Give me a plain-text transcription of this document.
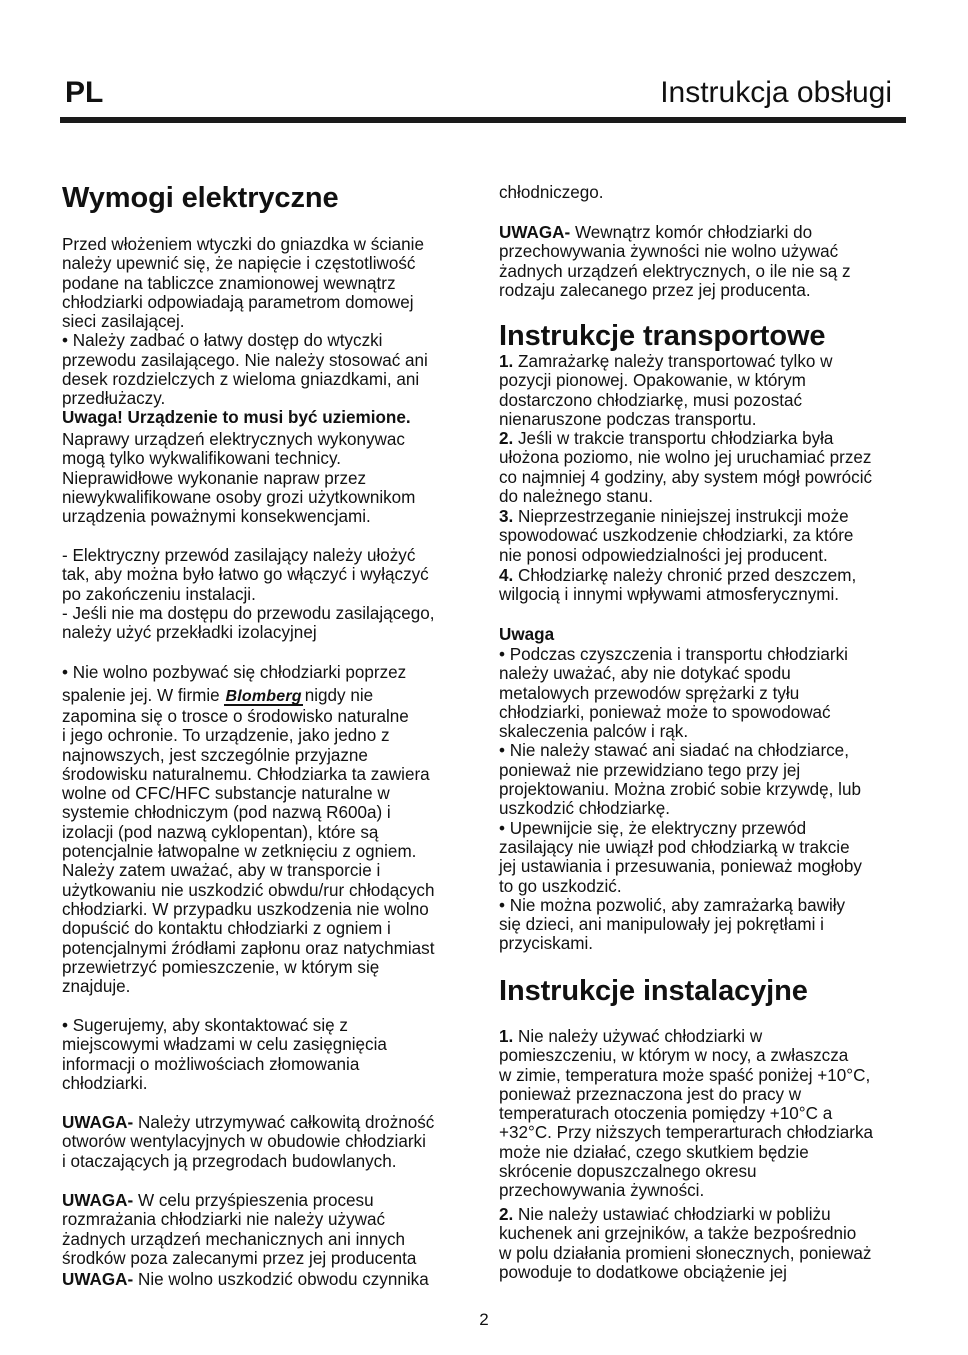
PL	Instrukcja obsługi
Wymogi elektryczne

Przed włożeniem wtyczki do gniazdka w ścianie
należy upewnić się, że napięcie i częstotliwość
podane na tabliczce znamionowej wewnątrz
chłodziarki odpowiadają parametrom domowej
sieci zasilającej.
• Należy zadbać o łatwy dostęp do wtyczki
przewodu zasilającego. Nie należy stosować ani
desek rozdzielczych z wieloma gniazdkami, ani
przedłużaczy.

Uwaga! Urządzenie to musi być uziemione.

Naprawy urządzeń elektrycznych wykonywac
mogą tylko wykwalifikowani technicy.
Nieprawidłowe wykonanie napraw przez
niewykwalifikowane osoby grozi użytkownikom
urządzenia poważnymi konsekwencjami.

- Elektryczny przewód zasilający należy ułożyć
tak, aby można było łatwo go włączyć i wyłączyć
po zakończeniu instalacji.
- Jeśli nie ma dostępu do przewodu zasilającego,
należy użyć przekładki izolacyjnej

• Nie wolno pozbywać się chłodziarki poprzez

spalenie jej. W firmie Blomberg nigdy nie

zapomina się o trosce o środowisko naturalne
i jego ochronie. To urządzenie, jako jedno z
najnowszych, jest szczególnie przyjazne
środowisku naturalnemu. Chłodziarka ta zawiera
wolne od CFC/HFC substancje naturalne w
systemie chłodniczym (pod nazwą R600a) i
izolacji (pod nazwą cyklopentan), które są
potencjalnie łatwopalne w zetknięciu z ogniem.
Należy zatem uważać, aby w transporcie i
użytkowaniu nie uszkodzić obwdu/rur chłodących
chłodziarki. W przypadku uszkodzenia nie wolno
dopuścić do kontaktu chłodziarki z ogniem i
potencjalnymi źródłami zapłonu oraz natychmiast
przewietrzyć pomieszczenie, w którym się
znajduje.

• Sugerujemy, aby skontaktować się z
miejscowymi władzami w celu zasięgnięcia
informacji o możliwościach złomowania
chłodziarki.

UWAGA- Należy utrzymywać całkowitą drożność
otworów wentylacyjnych w obudowie chłodziarki
i otaczających ją przegrodach budowlanych.

UWAGA- W celu przyśpieszenia procesu
rozmrażania chłodziarki nie należy używać
żadnych urządzeń mechanicznych ani innych
środków poza zalecanymi przez jej producenta

UWAGA- Nie wolno uszkodzić obwodu czynnika

chłodniczego.

UWAGA- Wewnątrz komór chłodziarki do
przechowywania żywności nie wolno używać
żadnych urządzeń elektrycznych, o ile nie są z
rodzaju zalecanego przez jej producenta.

Instrukcje transportowe

1. Zamrażarkę należy transportować tylko w
pozycji pionowej. Opakowanie, w którym
dostarczono chłodziarkę, musi pozostać
nienaruszone podczas transportu.

2. Jeśli w trakcie transportu chłodziarka była
ułożona poziomo, nie wolno jej uruchamiać przez
co najmniej 4 godziny, aby system mógł powrócić
do należnego stanu.

3. Nieprzestrzeganie niniejszej instrukcji może
spowodować uszkodzenie chłodziarki, za które
nie ponosi odpowiedzialności jej producent.

4. Chłodziarkę należy chronić przed deszczem,
wilgocią i innymi wpływami atmosferycznymi.

Uwaga

• Podczas czyszczenia i transportu chłodziarki
należy uważać, aby nie dotykać spodu
metalowych przewodów sprężarki z tyłu
chłodziarki, ponieważ może to spowodować
skaleczenia palców i rąk.
• Nie należy stawać ani siadać na chłodziarce,
ponieważ nie przewidziano tego przy jej
projektowaniu. Można zrobić sobie krzywdę, lub
uszkodzić chłodziarkę.
• Upewnijcie się, że elektryczny przewód
zasilający nie uwiązł pod chłodziarką w trakcie
jej ustawiania i przesuwania, ponieważ mogłoby
to go uszkodzić.
• Nie można pozwolić, aby zamrażarką bawiły
się dzieci, ani manipulowały jej pokrętłami i
przyciskami.

Instrukcje instalacyjne

1. Nie należy używać chłodziarki w
pomieszczeniu, w którym w nocy, a zwłaszcza
w zimie, temperatura może spaść poniżej +10°C,
ponieważ przeznaczona jest do pracy w
temperaturach otoczenia pomiędzy +10°C a
+32°C. Przy niższych temperarturach chłodziarka
może nie działać, czego skutkiem będzie
skrócenie dopuszczalnego okresu
przechowywania żywności.

2. Nie należy ustawiać chłodziarki w pobliżu
kuchenek ani grzejników, a także bezpośrednio
w polu działania promieni słonecznych, ponieważ
powoduje to dodatkowe obciążenie jej

2
